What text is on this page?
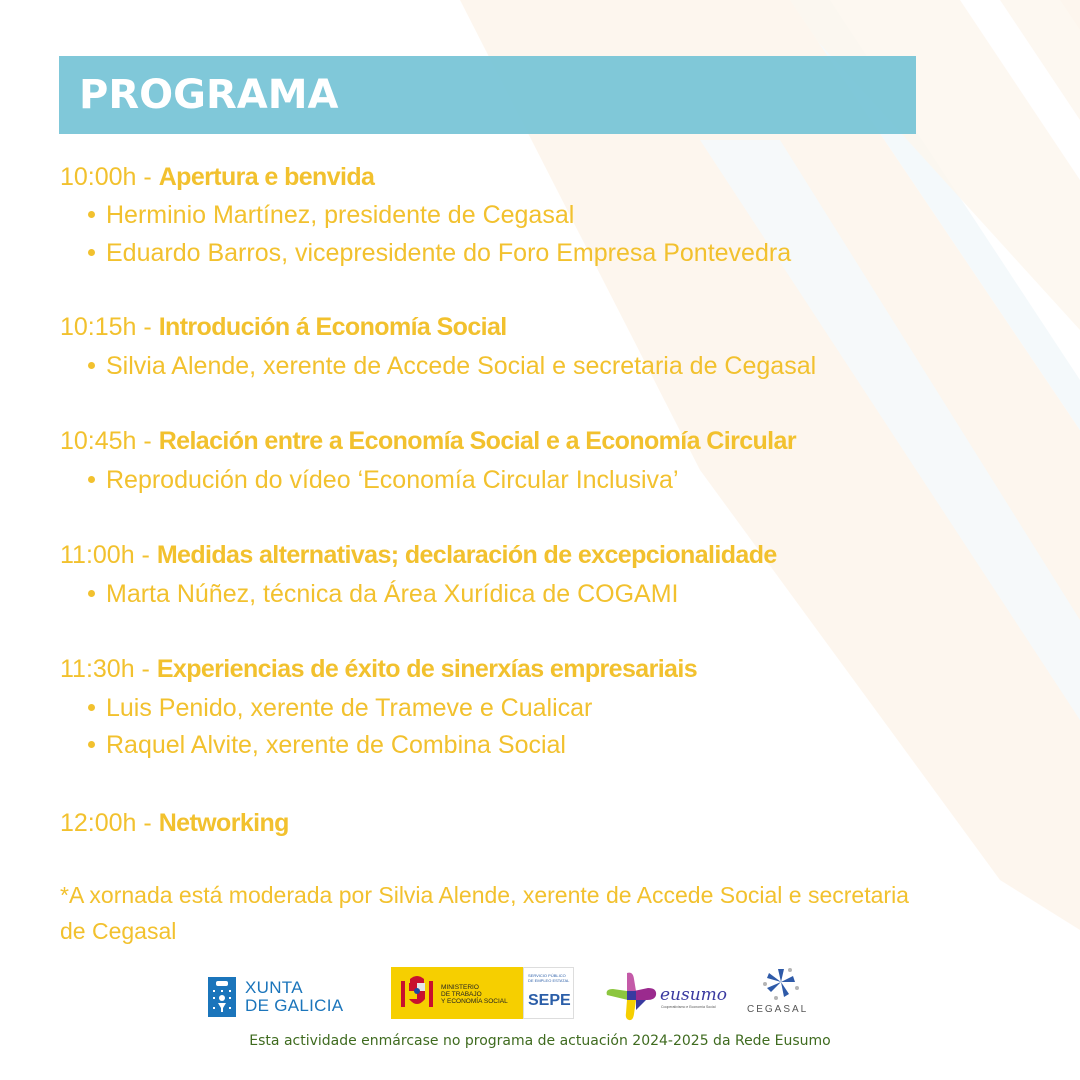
PROGRAMA
10:00h - Apertura e benvida
Herminio Martínez, presidente de Cegasal
Eduardo Barros, vicepresidente do Foro Empresa Pontevedra
10:15h - Introdución á Economía Social
Silvia Alende, xerente de Accede Social e secretaria de Cegasal
10:45h - Relación entre a Economía Social e a Economía Circular
Reprodución do vídeo ‘Economía Circular Inclusiva’
11:00h - Medidas alternativas; declaración de excepcionalidade
Marta Núñez, técnica da Área Xurídica de COGAMI
11:30h - Experiencias de éxito de sinerxías empresariais
Luis Penido, xerente de Trameve e Cualicar
Raquel Alvite, xerente de Combina Social
12:00h - Networking
*A xornada está moderada por Silvia Alende, xerente de Accede Social e secretaria de Cegasal
XUNTA
DE GALICIA
MINISTERIO
DE TRABAJO
Y ECONOMÍA SOCIAL
SERVICIO PÚBLICO
DE EMPLEO ESTATAL
SEPE	eusumo
Cooperativismo e Economía Social	CEGASAL
Esta actividade enmárcase no programa de actuación 2024-2025 da Rede Eusumo
